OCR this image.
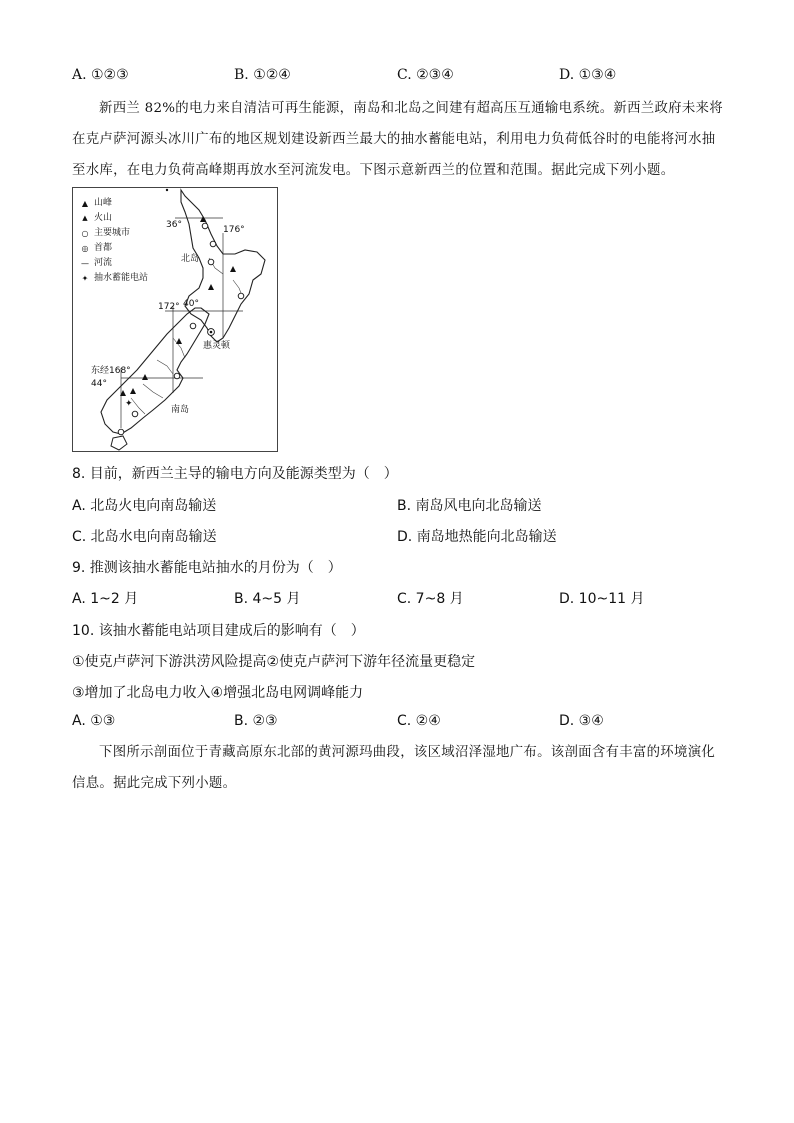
A. ①②③	B. ①②④	C. ②③④	D. ①③④
新西兰 82%的电力来自清洁可再生能源，南岛和北岛之间建有超高压互通输电系统。新西兰政府未来将在克卢萨河源头冰川广布的地区规划建设新西兰最大的抽水蓄能电站，利用电力负荷低谷时的电能将河水抽至水库，在电力负荷高峰期再放水至河流发电。下图示意新西兰的位置和范围。据此完成下列小题。
✦
▲ 山峰
▲ 火山
○ 主要城市
◎ 首都
— 河流
✦ 抽水蓄能电站
36°	176°
北岛
172° 40°
惠灵顿
东经168°
44°
南岛
8. 目前，新西兰主导的输电方向及能源类型为（　）
A. 北岛火电向南岛输送	B. 南岛风电向北岛输送
C. 北岛水电向南岛输送	D. 南岛地热能向北岛输送
9. 推测该抽水蓄能电站抽水的月份为（　）
A. 1~2 月	B. 4~5 月	C. 7~8 月	D. 10~11 月
10. 该抽水蓄能电站项目建成后的影响有（　）
①使克卢萨河下游洪涝风险提高②使克卢萨河下游年径流量更稳定
③增加了北岛电力收入④增强北岛电网调峰能力
A. ①③	B. ②③	C. ②④	D. ③④
下图所示剖面位于青藏高原东北部的黄河源玛曲段，该区域沼泽湿地广布。该剖面含有丰富的环境演化信息。据此完成下列小题。
